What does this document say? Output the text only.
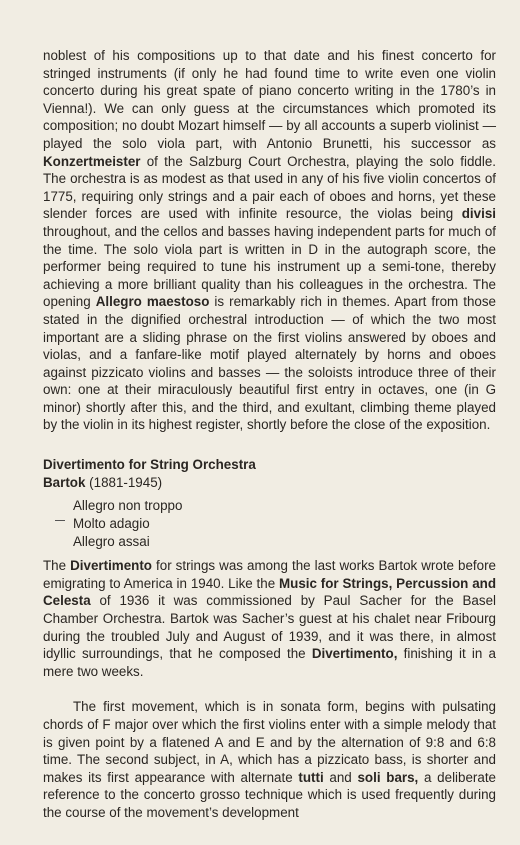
noblest of his compositions up to that date and his finest concerto for stringed instruments (if only he had found time to write even one violin concerto during his great spate of piano concerto writing in the 1780’s in Vienna!). We can only guess at the circumstances which promoted its composition; no doubt Mozart himself — by all accounts a superb violinist — played the solo viola part, with Antonio Brunetti, his successor as Konzertmeister of the Salzburg Court Orchestra, playing the solo fiddle. The orchestra is as modest as that used in any of his five violin concertos of 1775, requiring only strings and a pair each of oboes and horns, yet these slender forces are used with infinite resource, the violas being divisi throughout, and the cellos and basses having independent parts for much of the time. The solo viola part is written in D in the autograph score, the performer being required to tune his instrument up a semi-tone, thereby achieving a more brilliant quality than his colleagues in the orchestra. The opening Allegro maestoso is remarkably rich in themes. Apart from those stated in the dignified orchestral introduction — of which the two most important are a sliding phrase on the first violins answered by oboes and violas, and a fanfare-like motif played alternately by horns and oboes against pizzicato violins and basses — the soloists introduce three of their own: one at their miraculously beautiful first entry in octaves, one (in G minor) shortly after this, and the third, and exultant, climbing theme played by the violin in its highest register, shortly before the close of the exposition.

Divertimento for String Orchestra

Bartok (1881-1945)

Allegro non troppo
Molto adagio
Allegro assai

The Divertimento for strings was among the last works Bartok wrote before emigrating to America in 1940. Like the Music for Strings, Percussion and Celesta of 1936 it was commissioned by Paul Sacher for the Basel Chamber Orchestra. Bartok was Sacher’s guest at his chalet near Fribourg during the troubled July and August of 1939, and it was there, in almost idyllic surroundings, that he composed the Divertimento, finishing it in a mere two weeks.

The first movement, which is in sonata form, begins with pulsating chords of F major over which the first violins enter with a simple melody that is given point by a flatened A and E and by the alternation of 9:8 and 6:8 time. The second subject, in A, which has a pizzicato bass, is shorter and makes its first appearance with alternate tutti and soli bars, a deliberate reference to the concerto grosso technique which is used frequently during the course of the movement’s development
